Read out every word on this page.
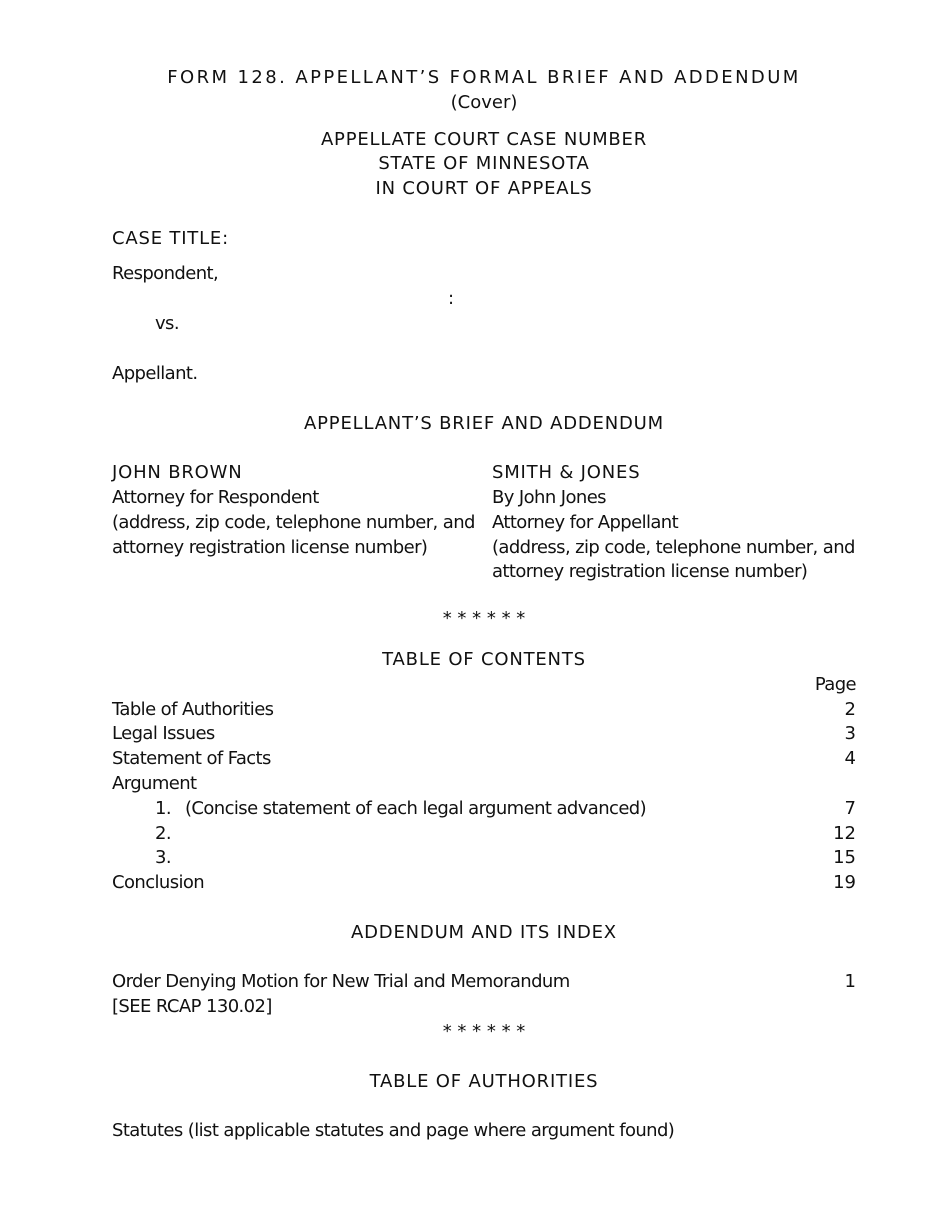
FORM 128. APPELLANT’S FORMAL BRIEF AND ADDENDUM
(Cover)
APPELLATE COURT CASE NUMBER
STATE OF MINNESOTA
IN COURT OF APPEALS
CASE TITLE:
Respondent,
:
vs.
Appellant.
APPELLANT’S BRIEF AND ADDENDUM
JOHN BROWN
Attorney for Respondent
(address, zip code, telephone number, and
attorney registration license number)
SMITH & JONES
By John Jones
Attorney for Appellant
(address, zip code, telephone number, and
attorney registration license number)
* * * * * *
TABLE OF CONTENTS
Page
Table of Authorities	2
Legal Issues	3
Statement of Facts	4
Argument
1. (Concise statement of each legal argument advanced)	7
2.	12
3.	15
Conclusion	19
ADDENDUM AND ITS INDEX
Order Denying Motion for New Trial and Memorandum	1
[SEE RCAP 130.02]
* * * * * *
TABLE OF AUTHORITIES
Statutes (list applicable statutes and page where argument found)
